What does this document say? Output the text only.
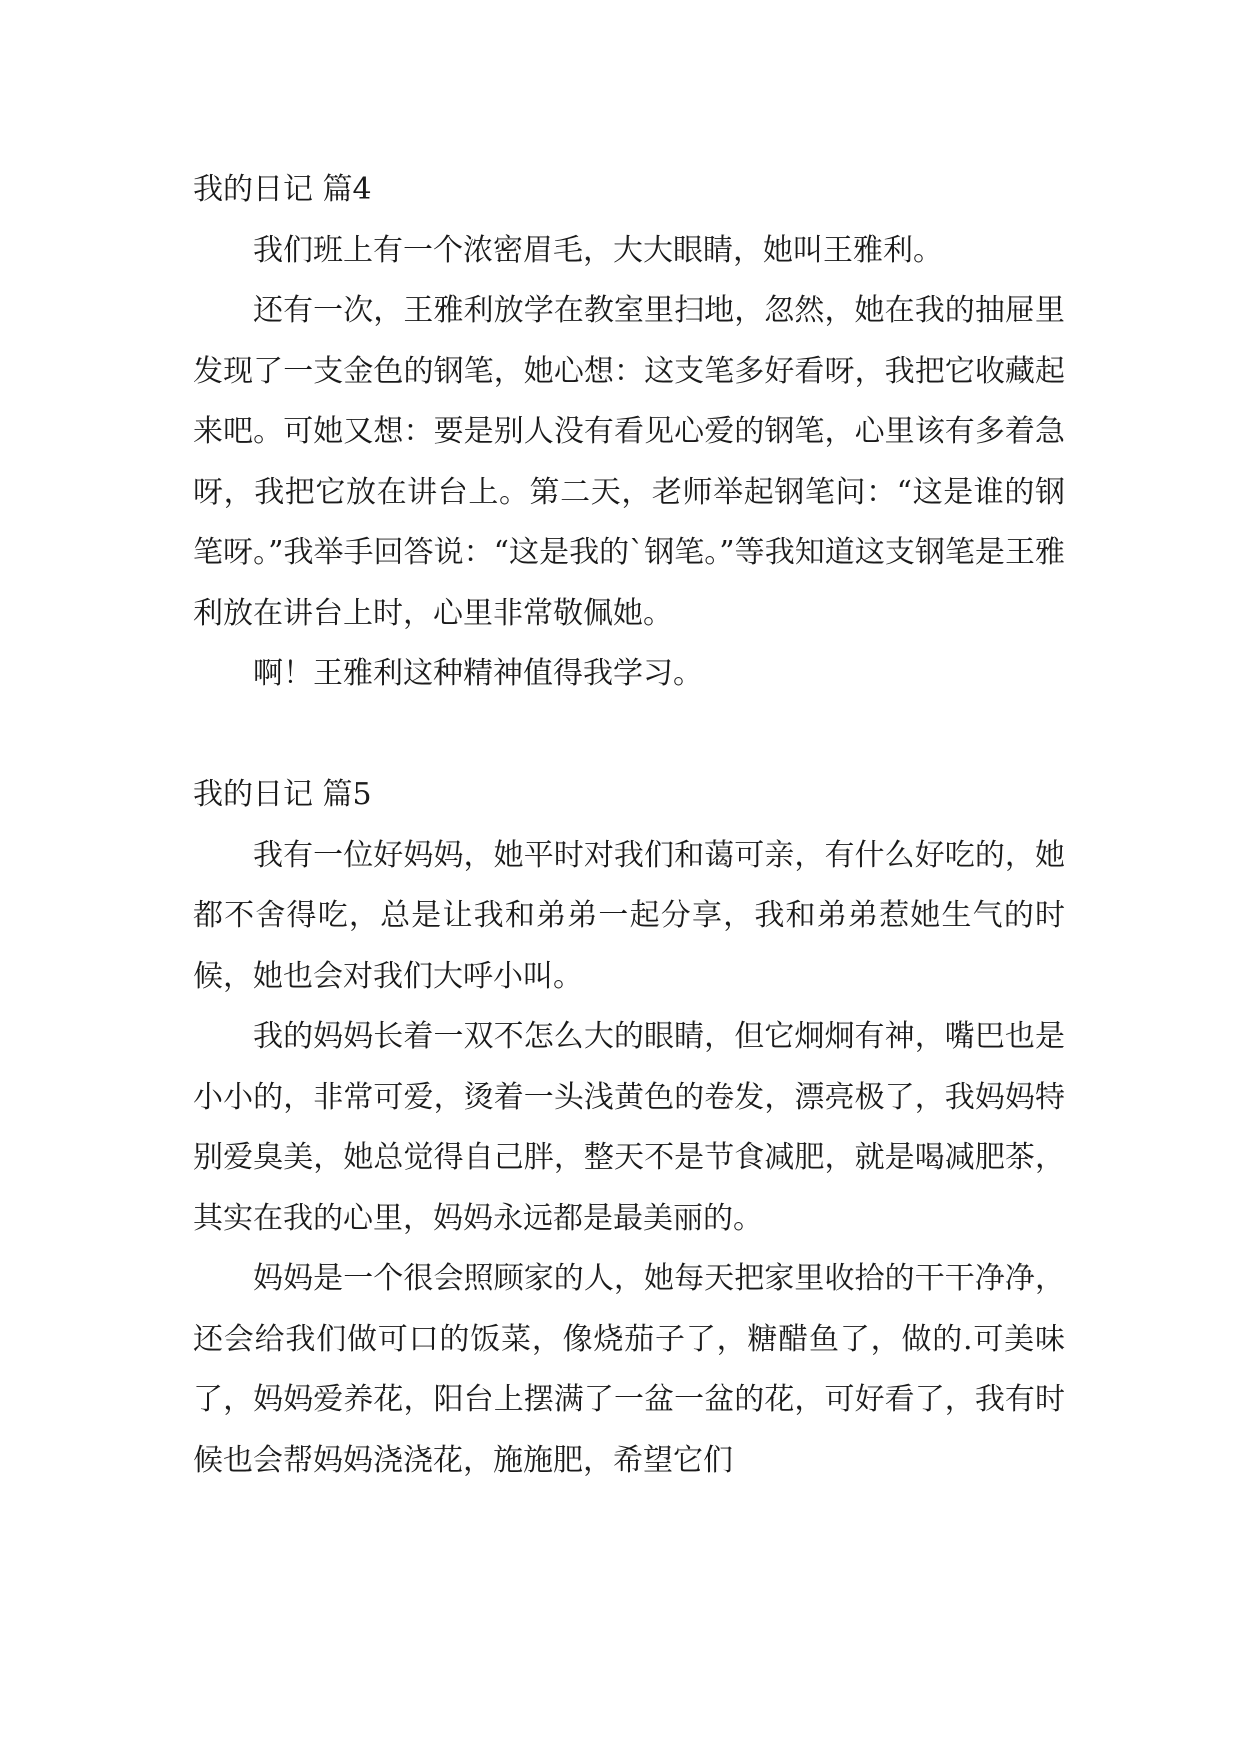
我的日记 篇4

我们班上有一个浓密眉毛，大大眼睛，她叫王雅利。

还有一次，王雅利放学在教室里扫地，忽然，她在我的抽屉里发现了一支金色的钢笔，她心想：这支笔多好看呀，我把它收藏起来吧。可她又想：要是别人没有看见心爱的钢笔，心里该有多着急呀，我把它放在讲台上。第二天，老师举起钢笔问：“这是谁的钢笔呀。”我举手回答说：“这是我的`钢笔。”等我知道这支钢笔是王雅利放在讲台上时，心里非常敬佩她。

啊！王雅利这种精神值得我学习。

我的日记 篇5

我有一位好妈妈，她平时对我们和蔼可亲，有什么好吃的，她都不舍得吃，总是让我和弟弟一起分享，我和弟弟惹她生气的时候，她也会对我们大呼小叫。

我的妈妈长着一双不怎么大的眼睛，但它炯炯有神，嘴巴也是小小的，非常可爱，烫着一头浅黄色的卷发，漂亮极了，我妈妈特别爱臭美，她总觉得自己胖，整天不是节食减肥，就是喝减肥茶，其实在我的心里，妈妈永远都是最美丽的。

妈妈是一个很会照顾家的人，她每天把家里收拾的干干净净，还会给我们做可口的饭菜，像烧茄子了，糖醋鱼了，做的.可美味了，妈妈爱养花，阳台上摆满了一盆一盆的花，可好看了，我有时候也会帮妈妈浇浇花，施施肥，希望它们
